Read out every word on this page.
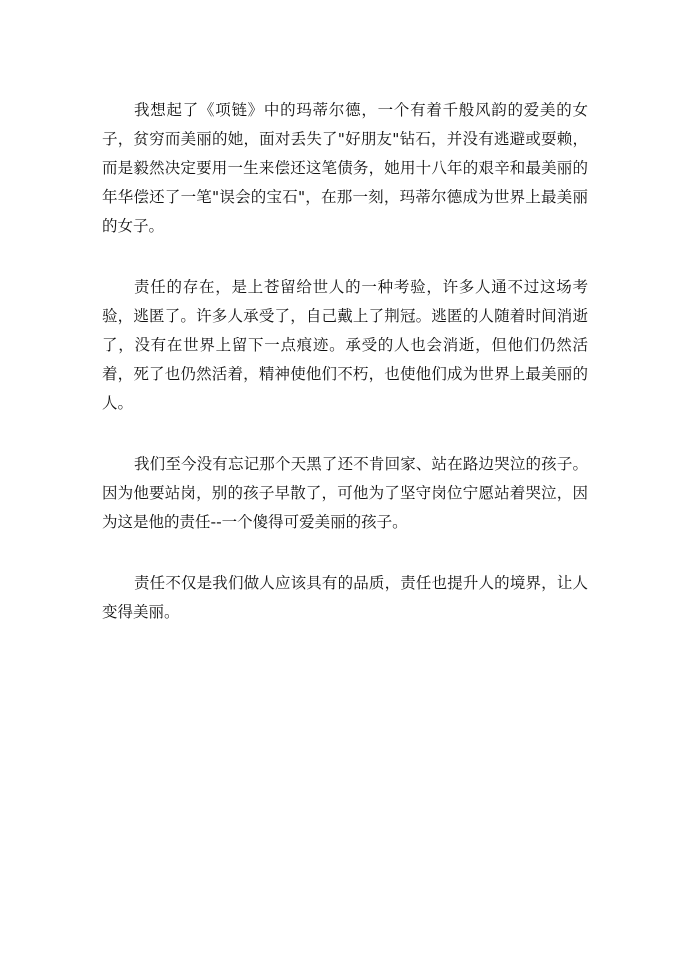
我想起了《项链》中的玛蒂尔德，一个有着千般风韵的爱美的女子，贫穷而美丽的她，面对丢失了"好朋友"钻石，并没有逃避或耍赖，而是毅然决定要用一生来偿还这笔债务，她用十八年的艰辛和最美丽的年华偿还了一笔"误会的宝石"，在那一刻，玛蒂尔德成为世界上最美丽的女子。

责任的存在，是上苍留给世人的一种考验，许多人通不过这场考验，逃匿了。许多人承受了，自己戴上了荆冠。逃匿的人随着时间消逝了，没有在世界上留下一点痕迹。承受的人也会消逝，但他们仍然活着，死了也仍然活着，精神使他们不朽，也使他们成为世界上最美丽的人。

我们至今没有忘记那个天黑了还不肯回家、站在路边哭泣的孩子。因为他要站岗，别的孩子早散了，可他为了坚守岗位宁愿站着哭泣，因为这是他的责任--一个傻得可爱美丽的孩子。

责任不仅是我们做人应该具有的品质，责任也提升人的境界，让人变得美丽。
